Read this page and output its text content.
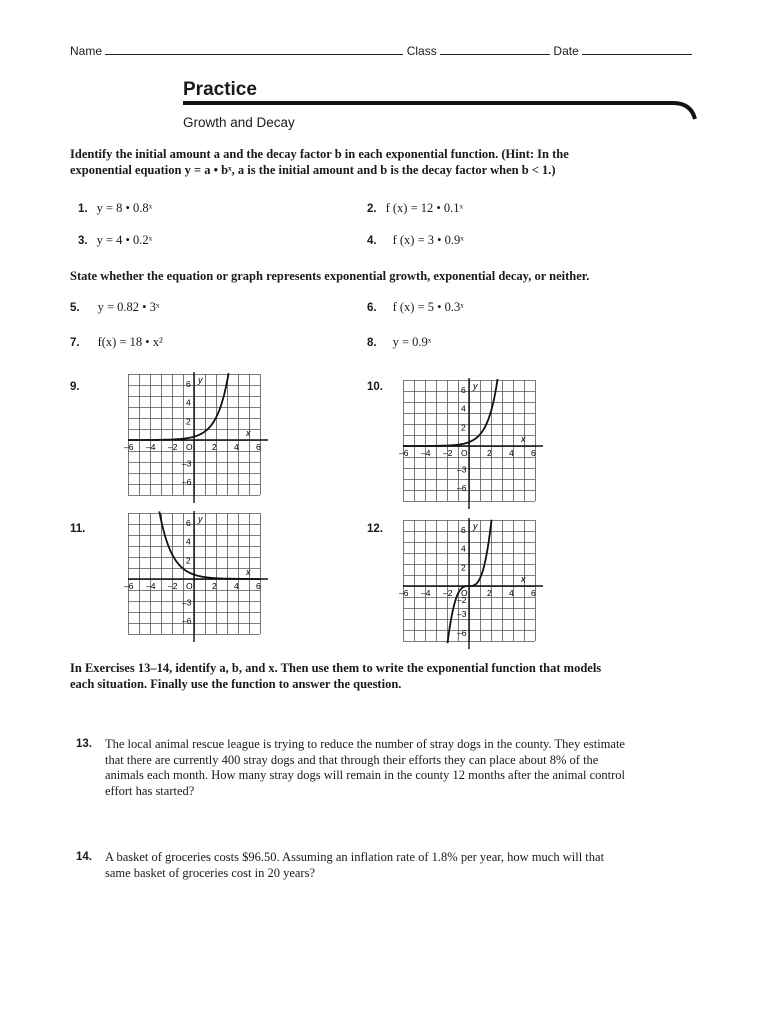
Name	Class	Date
Practice
Growth and Decay
Identify the initial amount a and the decay factor b in each exponential function. (Hint: In the
exponential equation y = a • bˣ, a is the initial amount and b is the decay factor when b < 1.)
1. y = 8 • 0.8ˣ	2. f (x) = 12 • 0.1ˣ
3. y = 4 • 0.2ˣ	4. f (x) = 3 • 0.9ˣ
State whether the equation or graph represents exponential growth, exponential decay, or neither.
5. y = 0.82 • 3ˣ	6. f (x) = 5 • 0.3ˣ
7. f(x) = 18 • x²	8. y = 0.9ˣ
9.	10.
11.	12.
x
y
–6 –4 –2 O 2 4 6
6
4
2
–3
–6
x
y
–6 –4 –2 O 2 4 6
6
4
2
–3
–6
x
y
–6 –4 –2 O 2 4 6
6
4
2
–3
–6
x
y
–6 –4 –2 O 2 4 6
6
4
2
–2
–3
–6
In Exercises 13–14, identify a, b, and x. Then use them to write the exponential function that models
each situation. Finally use the function to answer the question.
13. The local animal rescue league is trying to reduce the number of stray dogs in the county. They estimate
that there are currently 400 stray dogs and that through their efforts they can place about 8% of the
animals each month. How many stray dogs will remain in the county 12 months after the animal control
effort has started?
14. A basket of groceries costs $96.50. Assuming an inflation rate of 1.8% per year, how much will that
same basket of groceries cost in 20 years?
